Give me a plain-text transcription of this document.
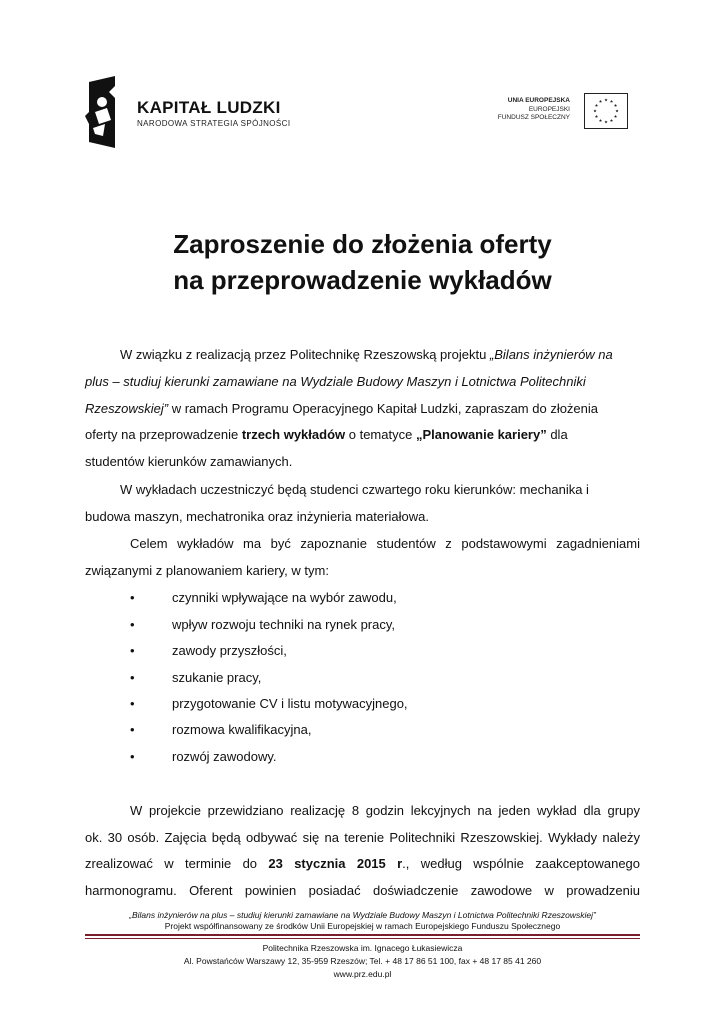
KAPITAŁ LUDZKI
NARODOWA STRATEGIA SPÓJNOŚCI
UNIA EUROPEJSKA
EUROPEJSKI
FUNDUSZ SPOŁECZNY
Zaproszenie do złożenia oferty
na przeprowadzenie wykładów
W związku z realizacją przez Politechnikę Rzeszowską projektu „Bilans inżynierów na
plus – studiuj kierunki zamawiane na Wydziale Budowy Maszyn i Lotnictwa Politechniki
Rzeszowskiej” w ramach Programu Operacyjnego Kapitał Ludzki, zapraszam do złożenia
oferty na przeprowadzenie trzech wykładów o tematyce „Planowanie kariery” dla
studentów kierunków zamawianych.
W wykładach uczestniczyć będą studenci czwartego roku kierunków: mechanika i
budowa maszyn, mechatronika oraz inżynieria materiałowa.
Celem wykładów ma być zapoznanie studentów z podstawowymi zagadnieniami
związanymi z planowaniem kariery, w tym:
•	czynniki wpływające na wybór zawodu,
•	wpływ rozwoju techniki na rynek pracy,
•	zawody przyszłości,
•	szukanie pracy,
•	przygotowanie CV i listu motywacyjnego,
•	rozmowa kwalifikacyjna,
•	rozwój zawodowy.
W projekcie przewidziano realizację 8 godzin lekcyjnych na jeden wykład dla grupy
ok. 30 osób. Zajęcia będą odbywać się na terenie Politechniki Rzeszowskiej. Wykłady należy
zrealizować w terminie do 23 stycznia 2015 r., według wspólnie zaakceptowanego
harmonogramu. Oferent powinien posiadać doświadczenie zawodowe w prowadzeniu
„Bilans inżynierów na plus – studiuj kierunki zamawiane na Wydziale Budowy Maszyn i Lotnictwa Politechniki Rzeszowskiej”
Projekt współfinansowany ze środków Unii Europejskiej w ramach Europejskiego Funduszu Społecznego
Politechnika Rzeszowska im. Ignacego Łukasiewicza
Al. Powstańców Warszawy 12, 35-959 Rzeszów; Tel. + 48 17 86 51 100, fax + 48 17 85 41 260
www.prz.edu.pl
